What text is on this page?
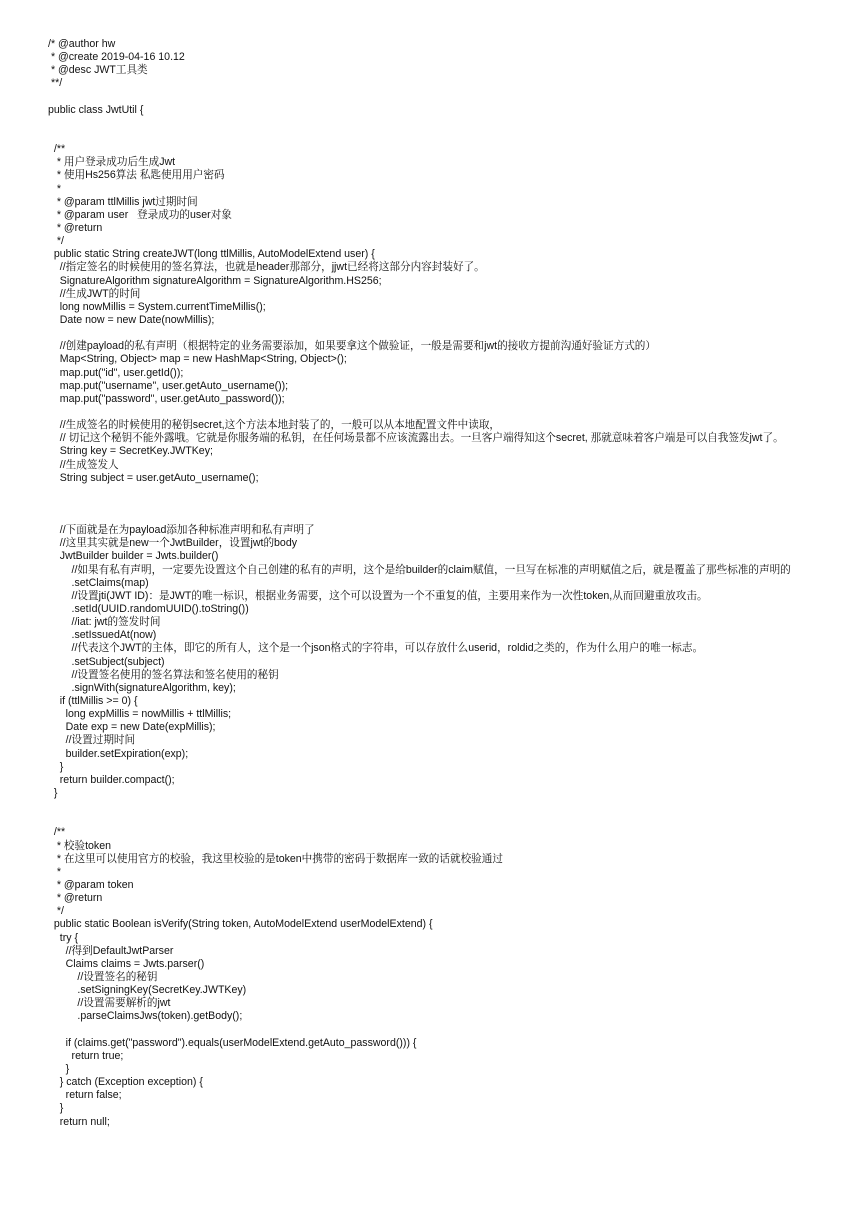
/* @author hw
* @create 2019-04-16 10.12
* @desc JWT工具类
**/
public class JwtUtil {
/**
* 用户登录成功后生成Jwt
* 使用Hs256算法 私匙使用用户密码
*
* @param ttlMillis jwt过期时间
* @param user   登录成功的user对象
* @return
*/
public static String createJWT(long ttlMillis, AutoModelExtend user) {
//指定签名的时候使用的签名算法，也就是header那部分，jjwt已经将这部分内容封装好了。
SignatureAlgorithm signatureAlgorithm = SignatureAlgorithm.HS256;
//生成JWT的时间
long nowMillis = System.currentTimeMillis();
Date now = new Date(nowMillis);
//创建payload的私有声明（根据特定的业务需要添加，如果要拿这个做验证，一般是需要和jwt的接收方提前沟通好验证方式的）
Map<String, Object> map = new HashMap<String, Object>();
map.put("id", user.getId());
map.put("username", user.getAuto_username());
map.put("password", user.getAuto_password());
//生成签名的时候使用的秘钥secret,这个方法本地封装了的，一般可以从本地配置文件中读取，
// 切记这个秘钥不能外露哦。它就是你服务端的私钥，在任何场景都不应该流露出去。一旦客户端得知这个secret, 那就意味着客户端是可以自我签发jwt了。
String key = SecretKey.JWTKey;
//生成签发人
String subject = user.getAuto_username();
//下面就是在为payload添加各种标准声明和私有声明了
//这里其实就是new一个JwtBuilder，设置jwt的body
JwtBuilder builder = Jwts.builder()
//如果有私有声明，一定要先设置这个自己创建的私有的声明，这个是给builder的claim赋值，一旦写在标准的声明赋值之后，就是覆盖了那些标准的声明的
.setClaims(map)
//设置jti(JWT ID)：是JWT的唯一标识，根据业务需要，这个可以设置为一个不重复的值，主要用来作为一次性token,从而回避重放攻击。
.setId(UUID.randomUUID().toString())
//iat: jwt的签发时间
.setIssuedAt(now)
//代表这个JWT的主体，即它的所有人，这个是一个json格式的字符串，可以存放什么userid，roldid之类的，作为什么用户的唯一标志。
.setSubject(subject)
//设置签名使用的签名算法和签名使用的秘钥
.signWith(signatureAlgorithm, key);
if (ttlMillis >= 0) {
long expMillis = nowMillis + ttlMillis;
Date exp = new Date(expMillis);
//设置过期时间
builder.setExpiration(exp);
}
return builder.compact();
}
/**
* 校验token
* 在这里可以使用官方的校验，我这里校验的是token中携带的密码于数据库一致的话就校验通过
*
* @param token
* @return
*/
public static Boolean isVerify(String token, AutoModelExtend userModelExtend) {
try {
//得到DefaultJwtParser
Claims claims = Jwts.parser()
//设置签名的秘钥
.setSigningKey(SecretKey.JWTKey)
//设置需要解析的jwt
.parseClaimsJws(token).getBody();
if (claims.get("password").equals(userModelExtend.getAuto_password())) {
return true;
}
} catch (Exception exception) {
return false;
}
return null;
